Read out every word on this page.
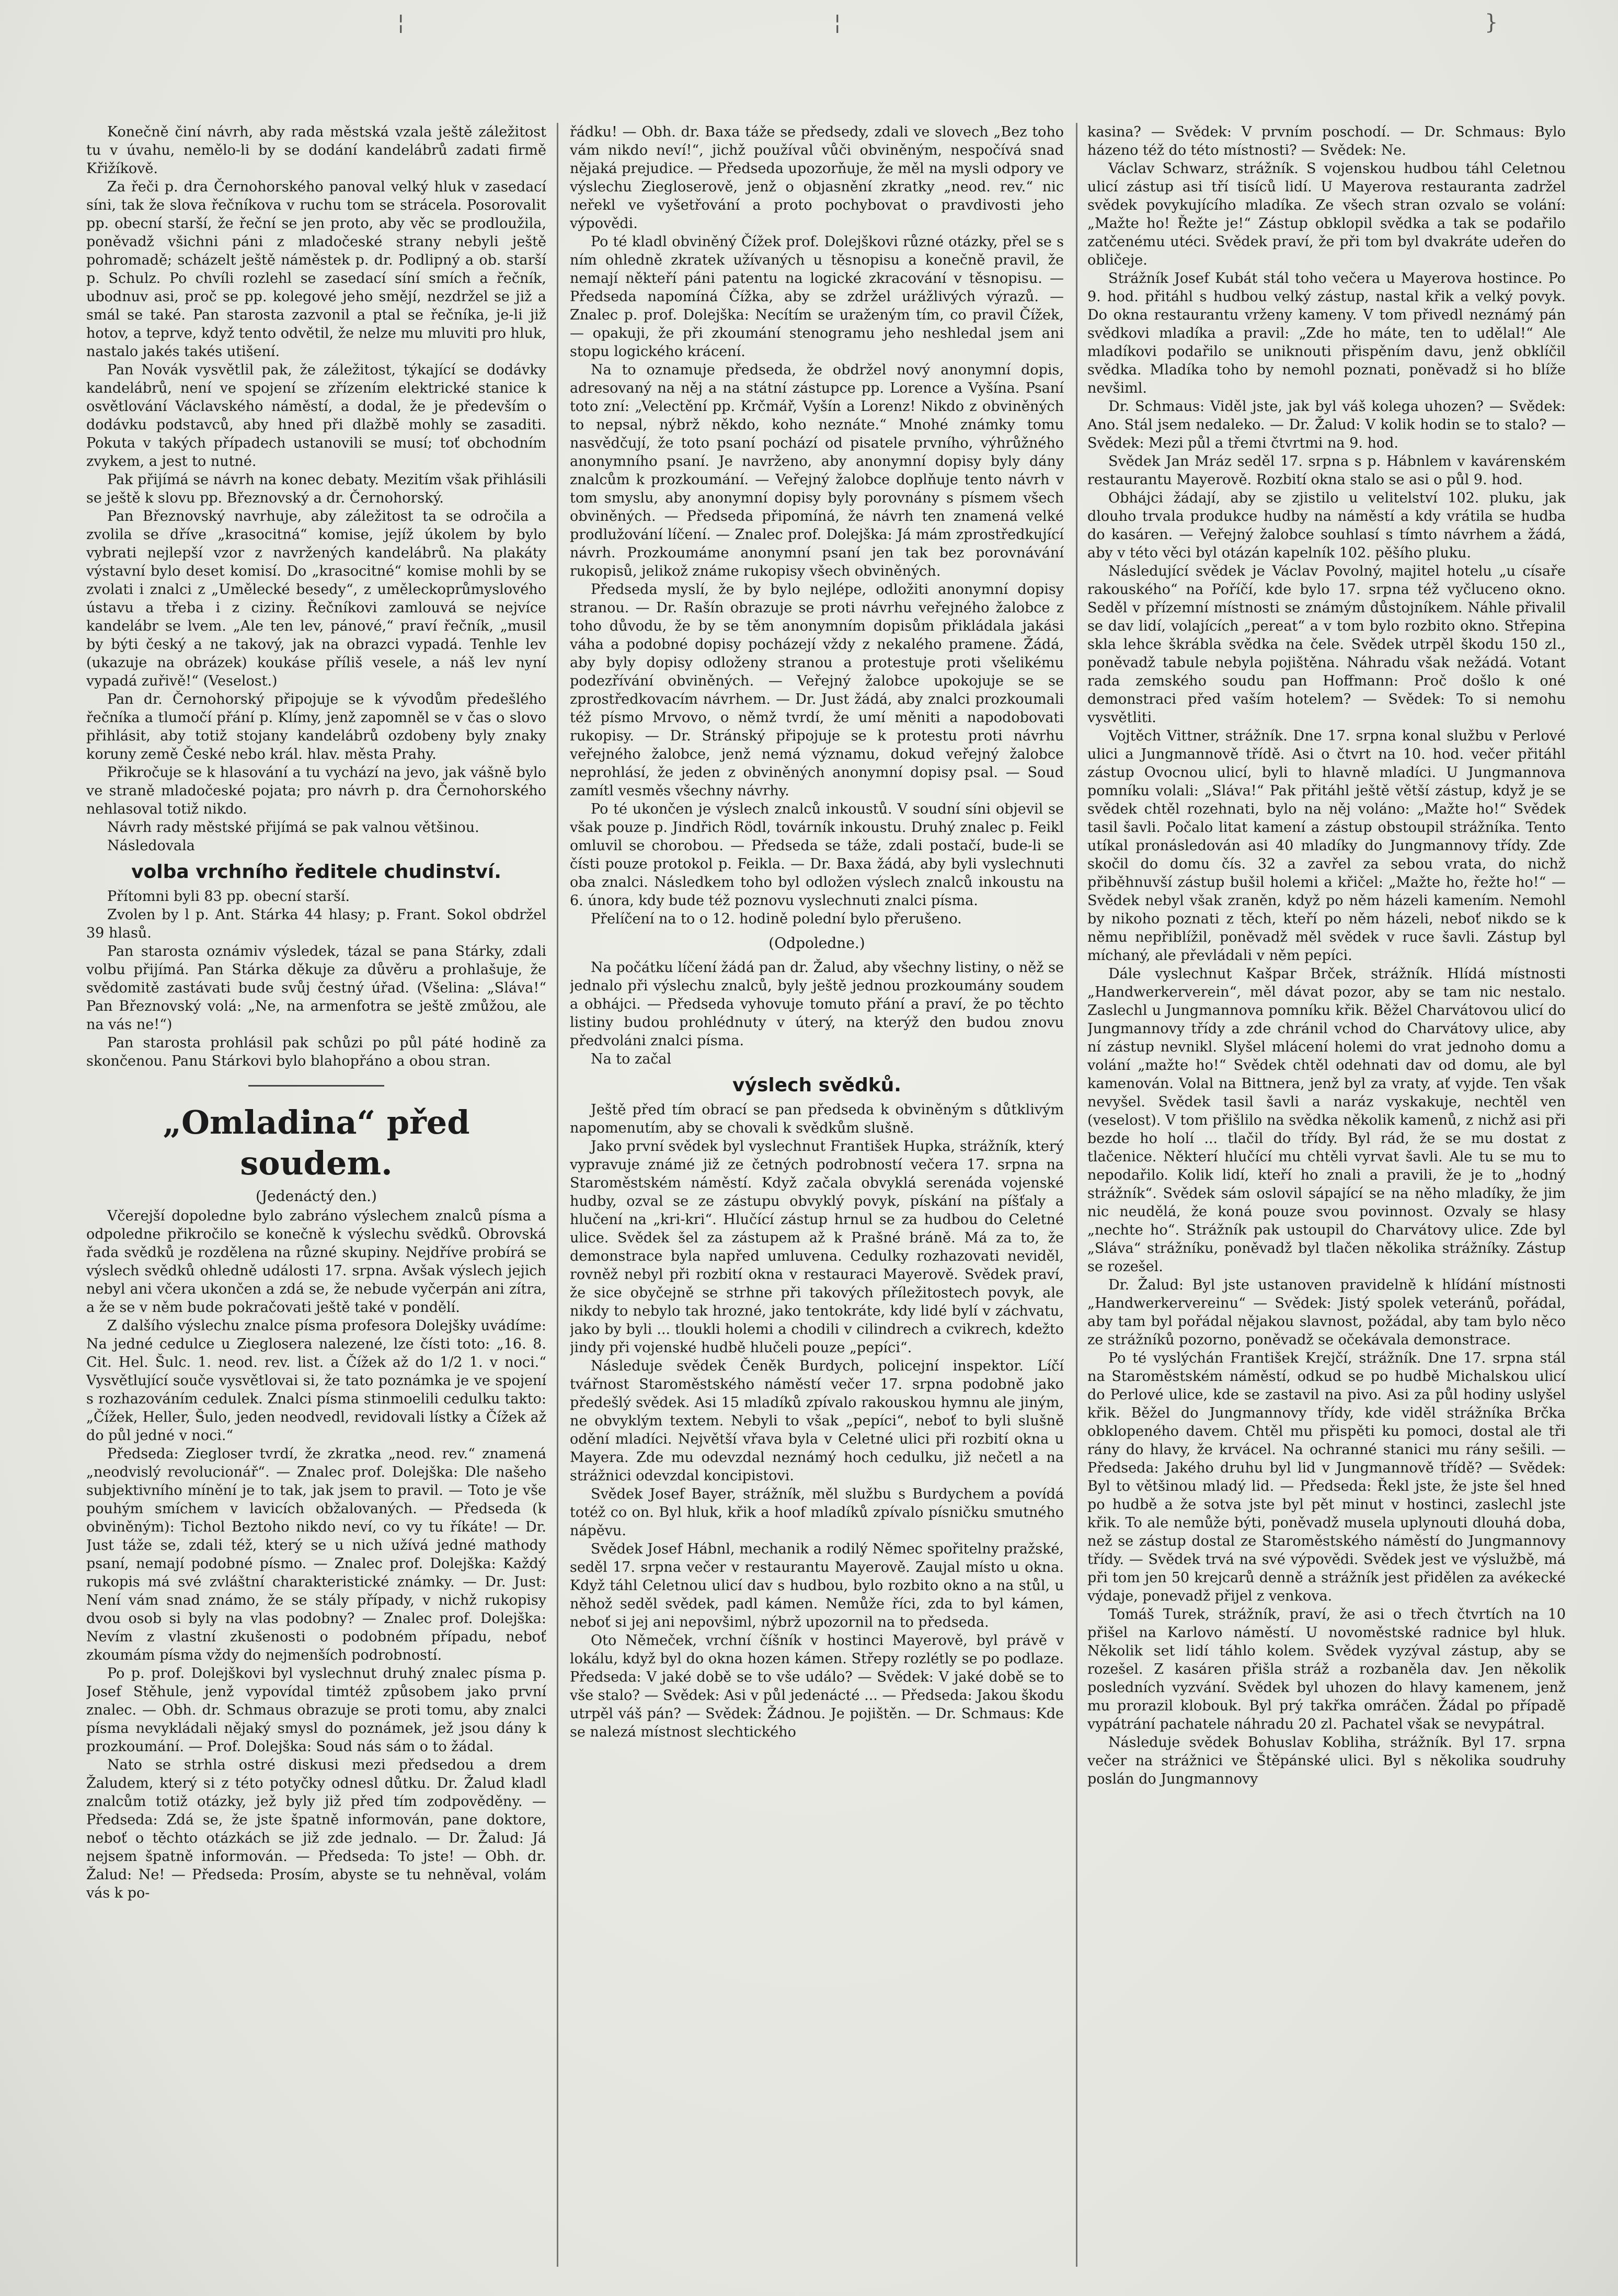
¦	¦	}

Konečně činí návrh, aby rada městská vzala ještě záležitost tu v úvahu, nemělo-li by se dodání kandelábrů zadati firmě Křižíkově.

Za řeči p. dra Černohorského panoval velký hluk v zasedací síni, tak že slova řečníkova v ruchu tom se strácela. Posorovalit pp. obecní starší, že řeční se jen proto, aby věc se prodloužila, poněvadž všichni páni z mladočeské strany nebyli ještě pohromadě; scházelt ještě náměstek p. dr. Podlipný a ob. starší p. Schulz. Po chvíli rozlehl se zasedací síní smích a řečník, ubodnuv asi, proč se pp. kolegové jeho smějí, nezdržel se již a smál se také. Pan starosta zazvonil a ptal se řečníka, je-li již hotov, a teprve, když tento odvětil, že nelze mu mluviti pro hluk, nastalo jakés takés utišení.

Pan Novák vysvětlil pak, že záležitost, týkající se dodávky kandelábrů, není ve spojení se zřízením elektrické stanice k osvětlování Václavského náměstí, a dodal, že je především o dodávku podstavců, aby hned při dlažbě mohly se zasaditi. Pokuta v takých případech ustanovili se musí; toť obchodním zvykem, a jest to nutné.

Pak přijímá se návrh na konec debaty. Mezitím však přihlásili se ještě k slovu pp. Březnovský a dr. Černohorský.

Pan Březnovský navrhuje, aby záležitost ta se odročila a zvolila se dříve „krasocitná“ komise, jejíž úkolem by bylo vybrati nejlepší vzor z navržených kandelábrů. Na plakáty výstavní bylo deset komisí. Do „krasocitné“ komise mohli by se zvolati i znalci z „Umělecké besedy“, z uměleckoprůmyslového ústavu a třeba i z ciziny. Řečníkovi zamlouvá se nejvíce kandelábr se lvem. „Ale ten lev, pánové,“ praví řečník, „musil by býti český a ne takový, jak na obrazci vypadá. Tenhle lev (ukazuje na obrázek) koukáse příliš vesele, a náš lev nyní vypadá zuřivě!“ (Veselost.)

Pan dr. Černohorský připojuje se k vývodům předešlého řečníka a tlumočí přání p. Klímy, jenž zapomněl se v čas o slovo přihlásit, aby totiž stojany kandelábrů ozdobeny byly znaky koruny země České nebo král. hlav. města Prahy.

Přikročuje se k hlasování a tu vychází na jevo, jak vášně bylo ve straně mladočeské pojata; pro návrh p. dra Černohorského nehlasoval totiž nikdo.

Návrh rady městské přijímá se pak valnou většinou.

Následovala

volba vrchního ředitele chudinství.

Přítomni byli 83 pp. obecní starší.

Zvolen by l p. Ant. Stárka 44 hlasy; p. Frant. Sokol obdržel 39 hlasů.

Pan starosta oznámiv výsledek, tázal se pana Stárky, zdali volbu přijímá. Pan Stárka děkuje za důvěru a prohlašuje, že svědomitě zastávati bude svůj čestný úřad. (Všelina: „Sláva!“ Pan Březnovský volá: „Ne, na armenfotra se ještě zmůžou, ale na vás ne!“)

Pan starosta prohlásil pak schůzi po půl páté hodině za skončenou. Panu Stárkovi bylo blahopřáno a obou stran.

„Omladina“ před soudem.
(Jedenáctý den.)

Včerejší dopoledne bylo zabráno výslechem znalců písma a odpoledne přikročilo se konečně k výslechu svědků. Obrovská řada svědků je rozdělena na různé skupiny. Nejdříve probírá se výslech svědků ohledně události 17. srpna. Avšak výslech jejich nebyl ani včera ukončen a zdá se, že nebude vyčerpán ani zítra, a že se v něm bude pokračovati ještě také v pondělí.

Z dalšího výslechu znalce písma profesora Dolejšky uvádíme: Na jedné cedulce u Ziegloserа nalezené, lze čísti toto: „16. 8. Cit. Hel. Šulc. 1. neod. rev. list. a Čížek až do 1/2 1. v noci.“ Vysvětlující souče vysvětlovai si, že tato poznámka je ve spojení s rozhazováním cedulek. Znalci písma stinmoelili cedulku takto: „Čížek, Heller, Šulo, jeden neodvedl, revidovali lístky a Čížek až do půl jedné v noci.“

Předseda: Ziegloser tvrdí, že zkratka „neod. rev.“ znamená „neodvislý revolucionář“. — Znalec prof. Dolejška: Dle našeho subjektivního mínění je to tak, jak jsem to pravil. — Toto je vše pouhým smíchem v lavicích obžalovaných. — Předseda (k obviněným): Tichol Beztoho nikdo neví, co vy tu říkáte! — Dr. Just táže se, zdali též, který se u nich užívá jedné mathody psaní, nemají podobné písmo. — Znalec prof. Dolejška: Každý rukopis má své zvláštní charakteristické známky. — Dr. Just: Není vám snad známo, že se stály případy, v nichž rukopisy dvou osob si byly na vlas podobny? — Znalec prof. Dolejška: Nevím z vlastní zkušenosti o podobném případu, neboť zkoumám písma vždy do nejmenších podrobností.

Po p. prof. Dolejškovi byl vyslechnut druhý znalec písma p. Josef Stěhule, jenž vypovídal timtéž způsobem jako první znalec. — Obh. dr. Schmaus obrazuje se proti tomu, aby znalci písma nevykládali nějaký smysl do poznámek, jež jsou dány k prozkoumání. — Prof. Dolejška: Soud nás sám o to žádal.

Nato se strhla ostré diskusi mezi předsedou a drem Žaludem, který si z této potyčky odnesl důtku. Dr. Žalud kladl znalcům totiž otázky, jež byly již před tím zodpověděny. — Předseda: Zdá se, že jste špatně informován, pane doktore, neboť o těchto otázkách se již zde jednalo. — Dr. Žalud: Já nejsem špatně informován. — Předseda: To jste! — Obh. dr. Žalud: Ne! — Předseda: Prosím, abyste se tu nehněval, volám vás k po-

řádku! — Obh. dr. Baxa táže se předsedy, zdali ve slovech „Bez toho vám nikdo neví!“, jichž používal vůči obviněným, nespočívá snad nějaká prejudice. — Předseda upozorňuje, že měl na mysli odpory ve výslechu Ziegloserově, jenž o objasnění zkratky „neod. rev.“ nic neřekl ve vyšetřování a proto pochybovat o pravdivosti jeho výpovědi.

Po té kladl obviněný Čížek prof. Dolejškovi různé otázky, přel se s ním ohledně zkratek užívaných u těsnopisu a konečně pravil, že nemají někteří páni patentu na logické zkracování v těsnopisu. — Předseda napomíná Čížka, aby se zdržel urážlivých výrazů. — Znalec p. prof. Dolejška: Necítím se uraženým tím, co pravil Čížek, — opakuji, že při zkoumání stenogramu jeho neshledal jsem ani stopu logického krácení.

Na to oznamuje předseda, že obdržel nový anonymní dopis, adresovaný na něj a na státní zástupce pp. Lorence a Vyšína. Psaní toto zní: „Velectění pp. Krčmář, Vyšín a Lorenz! Nikdo z obviněných to nepsal, nýbrž někdo, koho neznáte.“ Mnohé známky tomu nasvědčují, že toto psaní pochází od pisatele prvního, výhrůžného anonymního psaní. Je navrženo, aby anonymní dopisy byly dány znalcům k prozkoumání. — Veřejný žalobce doplňuje tento návrh v tom smyslu, aby anonymní dopisy byly porovnány s písmem všech obviněných. — Předseda připomíná, že návrh ten znamená velké prodlužování líčení. — Znalec prof. Dolejška: Já mám zprostředkující návrh. Prozkoumáme anonymní psaní jen tak bez porovnávání rukopisů, jelikož známe rukopisy všech obviněných.

Předseda myslí, že by bylo nejlépe, odložiti anonymní dopisy stranou. — Dr. Rašín obrazuje se proti návrhu veřejného žalobce z toho důvodu, že by se těm anonymním dopisům přikládala jakási váha a podobné dopisy pocházejí vždy z nekalého pramene. Žádá, aby byly dopisy odloženy stranou a protestuje proti všelikému podezřívání obviněných. — Veřejný žalobce upokojuje se se zprostředkovacím návrhem. — Dr. Just žádá, aby znalci prozkoumali též písmo Mrvovo, o němž tvrdí, že umí měniti a napodobovati rukopisy. — Dr. Stránský připojuje se k protestu proti návrhu veřejného žalobce, jenž nemá významu, dokud veřejný žalobce neprohlásí, že jeden z obviněných anonymní dopisy psal. — Soud zamítl vesměs všechny návrhy.

Po té ukončen je výslech znalců inkoustů. V soudní síni objevil se však pouze p. Jindřich Rödl, továrník inkoustu. Druhý znalec p. Feikl omluvil se chorobou. — Předseda se táže, zdali postačí, bude-li se čísti pouze protokol p. Feikla. — Dr. Baxa žádá, aby byli vyslechnuti oba znalci. Následkem toho byl odložen výslech znalců inkoustu na 6. února, kdy bude též poznovu vyslechnuti znalci písma.

Přelíčení na to o 12. hodině polední bylo přerušeno.

(Odpoledne.)

Na počátku líčení žádá pan dr. Žalud, aby všechny listiny, o něž se jednalo při výslechu znalců, byly ještě jednou prozkoumány soudem a obhájci. — Předseda vyhovuje tomuto přání a praví, že po těchto listiny budou prohlédnuty v úterý, na kterýž den budou znovu předvoláni znalci písma.

Na to začal

výslech svědků.

Ještě před tím obrací se pan předseda k obviněným s důtklivým napomenutím, aby se chovali k svědkům slušně.

Jako první svědek byl vyslechnut František Hupka, strážník, který vypravuje známé již ze četných podrobností večera 17. srpna na Staroměstském náměstí. Když začala obvyklá serenáda vojenské hudby, ozval se ze zástupu obvyklý povyk, pískání na píšťaly a hlučení na „kri-kri“. Hlučící zástup hrnul se za hudbou do Celetné ulice. Svědek šel za zástupem až k Prašné bráně. Má za to, že demonstrace byla napřed umluvena. Cedulky rozhazovati neviděl, rovněž nebyl při rozbití okna v restauraci Mayerově. Svědek praví, že sice obyčejně se strhne při takových příležitostech povyk, ale nikdy to nebylo tak hrozné, jako tentokráte, kdy lidé bylí v záchvatu, jako by byli ... tloukli holemi a chodili v cilindrech a cvikrech, kdežto jindy při vojenské hudbě hlučeli pouze „pepíci“.

Následuje svědek Čeněk Burdych, policejní inspektor. Líčí tvářnost Staroměstského náměstí večer 17. srpna podobně jako předešlý svědek. Asi 15 mladíků zpívalo rakouskou hymnu ale jiným, ne obvyklým textem. Nebyli to však „pepíci“, neboť to byli slušně odění mladíci. Největší vřava byla v Celetné ulici při rozbití okna u Mayera. Zde mu odevzdal neznámý hoch cedulku, již nečetl a na strážnici odevzdal koncipistovi.

Svědek Josef Bayer, strážník, měl službu s Burdychem a povídá totéž co on. Byl hluk, křik a hoof mladíků zpívalo písničku smutného nápěvu.

Svědek Josef Hábnl, mechanik a rodilý Němec spořitelny pražské, seděl 17. srpna večer v restaurantu Mayerově. Zaujal místo u okna. Když táhl Celetnou ulicí dav s hudbou, bylo rozbito okno a na stůl, u něhož seděl svědek, padl kámen. Nemůže říci, zda to byl kámen, neboť si jej ani nepovšiml, nýbrž upozornil na to předseda.

Oto Němeček, vrchní číšník v hostinci Mayerově, byl právě v lokálu, když byl do okna hozen kámen. Střepy rozlétly se po podlaze. Předseda: V jaké době se to vše událo? — Svědek: V jaké době se to vše stalo? — Svědek: Asi v půl jedenácté ... — Předseda: Jakou škodu utrpěl váš pán? — Svědek: Žádnou. Je pojištěn. — Dr. Schmaus: Kde se nalezá místnost slechtického

kasina? — Svědek: V prvním poschodí. — Dr. Schmaus: Bylo házeno též do této místnosti? — Svědek: Ne.

Václav Schwarz, strážník. S vojenskou hudbou táhl Celetnou ulicí zástup asi tří tisíců lidí. U Mayerova restauranta zadržel svědek povykujícího mladíka. Ze všech stran ozvalo se volání: „Mažte ho! Řežte je!“ Zástup obklopil svědka a tak se podařilo zatčenému utéci. Svědek praví, že při tom byl dvakráte udeřen do obličeje.

Strážník Josef Kubát stál toho večera u Mayerova hostince. Po 9. hod. přitáhl s hudbou velký zástup, nastal křik a velký povyk. Do okna restaurantu vrženy kameny. V tom přivedl neznámý pán svědkovi mladíka a pravil: „Zde ho máte, ten to udělal!“ Ale mladíkovi podařilo se uniknouti přispěním davu, jenž obklíčil svědka. Mladíka toho by nemohl poznati, poněvadž si ho blíže nevšiml.

Dr. Schmaus: Viděl jste, jak byl váš kolega uhozen? — Svědek: Ano. Stál jsem nedaleko. — Dr. Žalud: V kolik hodin se to stalo? — Svědek: Mezi půl a třemi čtvrtmi na 9. hod.

Svědek Jan Mráz seděl 17. srpna s p. Hábnlem v kavárenském restaurantu Mayerově. Rozbití okna stalo se asi o půl 9. hod.

Obhájci žádají, aby se zjistilo u velitelství 102. pluku, jak dlouho trvala produkce hudby na náměstí a kdy vrátila se hudba do kasáren. — Veřejný žalobce souhlasí s tímto návrhem a žádá, aby v této věci byl otázán kapelník 102. pěšího pluku.

Následující svědek je Václav Povolný, majitel hotelu „u císaře rakouského“ na Poříčí, kde bylo 17. srpna též vyčluceno okno. Seděl v přízemní místnosti se známým důstojníkem. Náhle přivalil se dav lidí, volajících „pereat“ a v tom bylo rozbito okno. Střepina skla lehce škrábla svědka na čele. Svědek utrpěl škodu 150 zl., poněvadž tabule nebyla pojištěna. Náhradu však nežádá. Votant rada zemského soudu pan Hoffmann: Proč došlo k oné demonstraci před vaším hotelem? — Svědek: To si nemohu vysvětliti.

Vojtěch Vittner, strážník. Dne 17. srpna konal službu v Perlové ulici a Jungmannově třídě. Asi o čtvrt na 10. hod. večer přitáhl zástup Ovocnou ulicí, byli to hlavně mladíci. U Jungmannova pomníku volali: „Sláva!“ Pak přitáhl ještě větší zástup, když je se svědek chtěl rozehnati, bylo na něj voláno: „Mažte ho!“ Svědek tasil šavli. Počalo litat kamení a zástup obstoupil strážníka. Tento utíkal pronásledován asi 40 mladíky do Jungmannovy třídy. Zde skočil do domu čís. 32 a zavřel za sebou vrata, do nichž přiběhnuvší zástup bušil holemi a křičel: „Mažte ho, řežte ho!“ — Svědek nebyl však zraněn, když po něm házeli kamením. Nemohl by nikoho poznati z těch, kteří po něm házeli, neboť nikdo se k němu nepřiblížil, poněvadž měl svědek v ruce šavli. Zástup byl míchaný, ale převládali v něm pepíci.

Dále vyslechnut Kašpar Brček, strážník. Hlídá místnosti „Handwerkerverein“, měl dávat pozor, aby se tam nic nestalo. Zaslechl u Jungmannova pomníku křik. Běžel Charvátovou ulicí do Jungmannovy třídy a zde chránil vchod do Charvátovy ulice, aby ní zástup nevnikl. Slyšel mlácení holemi do vrat jednoho domu a volání „mažte ho!“ Svědek chtěl odehnati dav od domu, ale byl kamenován. Volal na Bittnera, jenž byl za vraty, ať vyjde. Ten však nevyšel. Svědek tasil šavli a naráz vyskakuje, nechtěl ven (veselost). V tom přišlilo na svědka několik kamenů, z nichž asi při bezde ho holí ... tlačil do třídy. Byl rád, že se mu dostat z tlačenice. Některí hlučící mu chtěli vyrvat šavli. Ale tu se mu to nepodařilo. Kolik lidí, kteří ho znali a pravili, že je to „hodný strážník“. Svědek sám oslovil sápající se na něho mladíky, že jim nic neudělá, že koná pouze svou povinnost. Ozvaly se hlasy „nechte ho“. Strážník pak ustoupil do Charvátovy ulice. Zde byl „Sláva“ strážníku, poněvadž byl tlačen několika strážníky. Zástup se rozešel.

Dr. Žalud: Byl jste ustanoven pravidelně k hlídání místnosti „Handwerkervereinu“ — Svědek: Jistý spolek veteránů, pořádal, aby tam byl pořádal nějakou slavnost, požádal, aby tam bylo něco ze strážníků pozorno, poněvadž se očekávala demonstrace.

Po té vyslýchán František Krejčí, strážník. Dne 17. srpna stál na Staroměstském náměstí, odkud se po hudbě Michalskou ulicí do Perlové ulice, kde se zastavil na pivo. Asi za půl hodiny uslyšel křik. Běžel do Jungmannovy třídy, kde viděl strážníka Brčka obklopeného davem. Chtěl mu přispěti ku pomoci, dostal ale tři rány do hlavy, že krvácel. Na ochranné stanici mu rány sešili. — Předseda: Jakého druhu byl lid v Jungmannově třídě? — Svědek: Byl to většinou mladý lid. — Předseda: Řekl jste, že jste šel hned po hudbě a že sotva jste byl pět minut v hostinci, zaslechl jste křik. To ale nemůže býti, poněvadž musela uplynouti dlouhá doba, než se zástup dostal ze Staroměstského náměstí do Jungmannovy třídy. — Svědek trvá na své výpovědi. Svědek jest ve výslužbě, má při tom jen 50 krejcarů denně a strážník jest přidělen za avékecké výdaje, ponevadž přijel z venkova.

Tomáš Turek, strážník, praví, že asi o třech čtvrtích na 10 přišel na Karlovo náměstí. U novoměstské radnice byl hluk. Několik set lidí táhlo kolem. Svědek vyzýval zástup, aby se rozešel. Z kasáren přišla stráž a rozbaněla dav. Jen několik posledních vyzvání. Svědek byl uhozen do hlavy kamenem, jenž mu prorazil klobouk. Byl prý takřka omráčen. Žádal po případě vypátrání pachatele náhradu 20 zl. Pachatel však se nevypátral.

Následuje svědek Bohuslav Kobliha, strážník. Byl 17. srpna večer na strážnici ve Štěpánské ulici. Byl s několika soudruhy poslán do Jungmannovy
